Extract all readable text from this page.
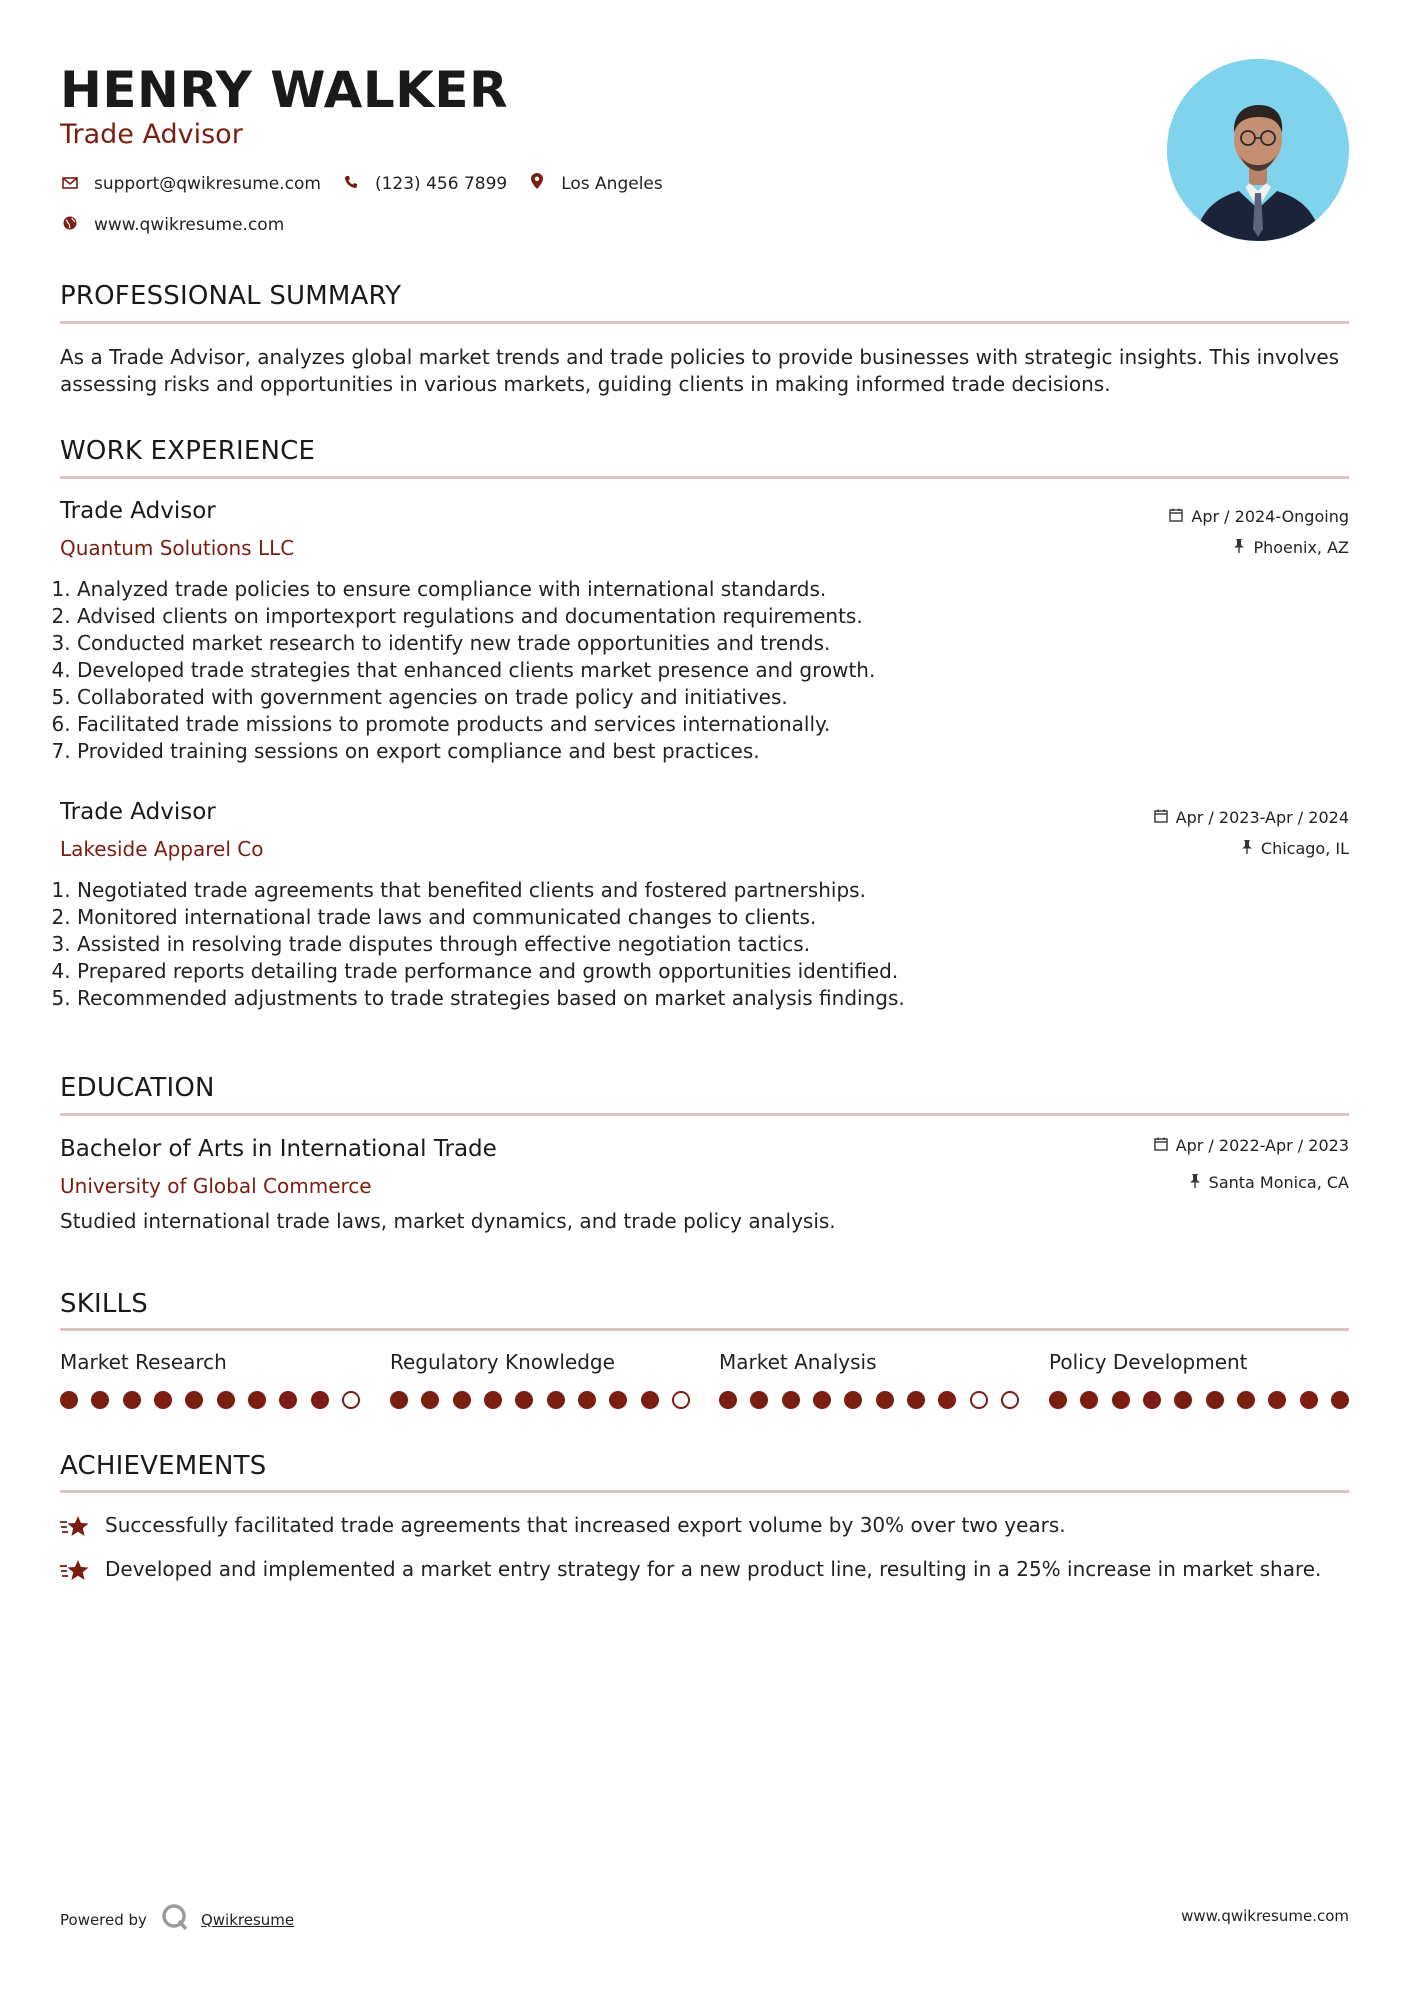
HENRY WALKER
Trade Advisor
support@qwikresume.com	(123) 456 7899	Los Angeles
www.qwikresume.com
PROFESSIONAL SUMMARY
As a Trade Advisor, analyzes global market trends and trade policies to provide businesses with strategic insights. This involves assessing risks and opportunities in various markets, guiding clients in making informed trade decisions.
WORK EXPERIENCE
Trade Advisor
Quantum Solutions LLC
Apr / 2024-Ongoing
Phoenix, AZ
1. Analyzed trade policies to ensure compliance with international standards.
2. Advised clients on importexport regulations and documentation requirements.
3. Conducted market research to identify new trade opportunities and trends.
4. Developed trade strategies that enhanced clients market presence and growth.
5. Collaborated with government agencies on trade policy and initiatives.
6. Facilitated trade missions to promote products and services internationally.
7. Provided training sessions on export compliance and best practices.
Trade Advisor
Lakeside Apparel Co
Apr / 2023-Apr / 2024
Chicago, IL
1. Negotiated trade agreements that benefited clients and fostered partnerships.
2. Monitored international trade laws and communicated changes to clients.
3. Assisted in resolving trade disputes through effective negotiation tactics.
4. Prepared reports detailing trade performance and growth opportunities identified.
5. Recommended adjustments to trade strategies based on market analysis findings.
EDUCATION
Bachelor of Arts in International Trade
University of Global Commerce
Apr / 2022-Apr / 2023
Santa Monica, CA
Studied international trade laws, market dynamics, and trade policy analysis.
SKILLS
Market Research	Regulatory Knowledge	Market Analysis	Policy Development
ACHIEVEMENTS
Successfully facilitated trade agreements that increased export volume by 30% over two years.
Developed and implemented a market entry strategy for a new product line, resulting in a 25% increase in market share.
Powered by	Qwikresume	www.qwikresume.com
